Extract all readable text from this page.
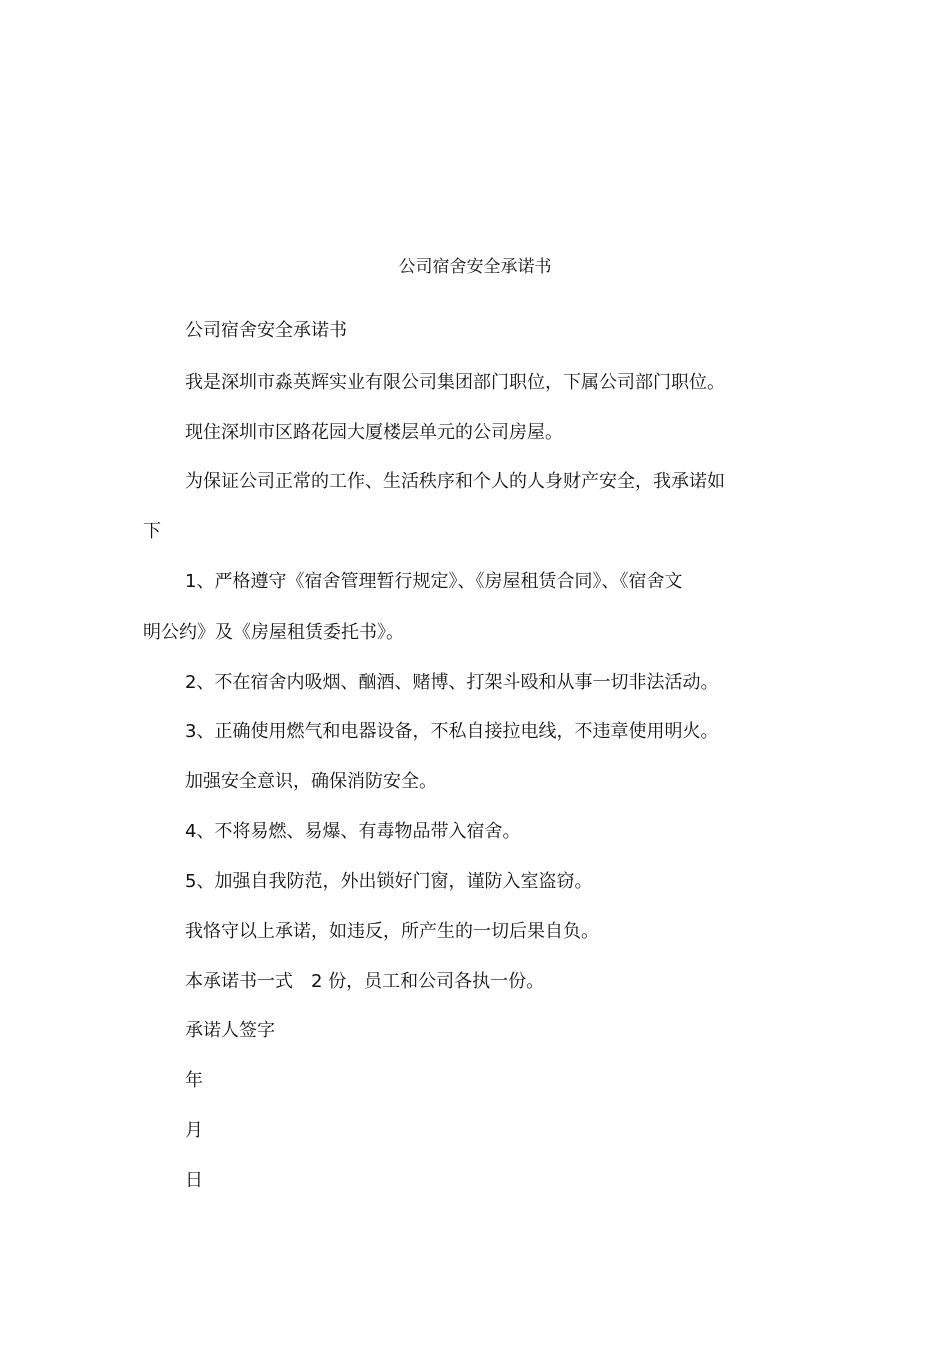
公司宿舍安全承诺书
公司宿舍安全承诺书
我是深圳市淼英辉实业有限公司集团部门职位，下属公司部门职位。
现住深圳市区路花园大厦楼层单元的公司房屋。
为保证公司正常的工作、生活秩序和个人的人身财产安全，我承诺如
下
1、严格遵守《宿舍管理暂行规定》、《房屋租赁合同》、《宿舍文
明公约》及《房屋租赁委托书》。
2、不在宿舍内吸烟、酗酒、赌博、打架斗殴和从事一切非法活动。
3、正确使用燃气和电器设备，不私自接拉电线，不违章使用明火。
加强安全意识，确保消防安全。
4、不将易燃、易爆、有毒物品带入宿舍。
5、加强自我防范，外出锁好门窗，谨防入室盗窃。
我恪守以上承诺，如违反，所产生的一切后果自负。
本承诺书一式　2 份，员工和公司各执一份。
承诺人签字
年
月
日
